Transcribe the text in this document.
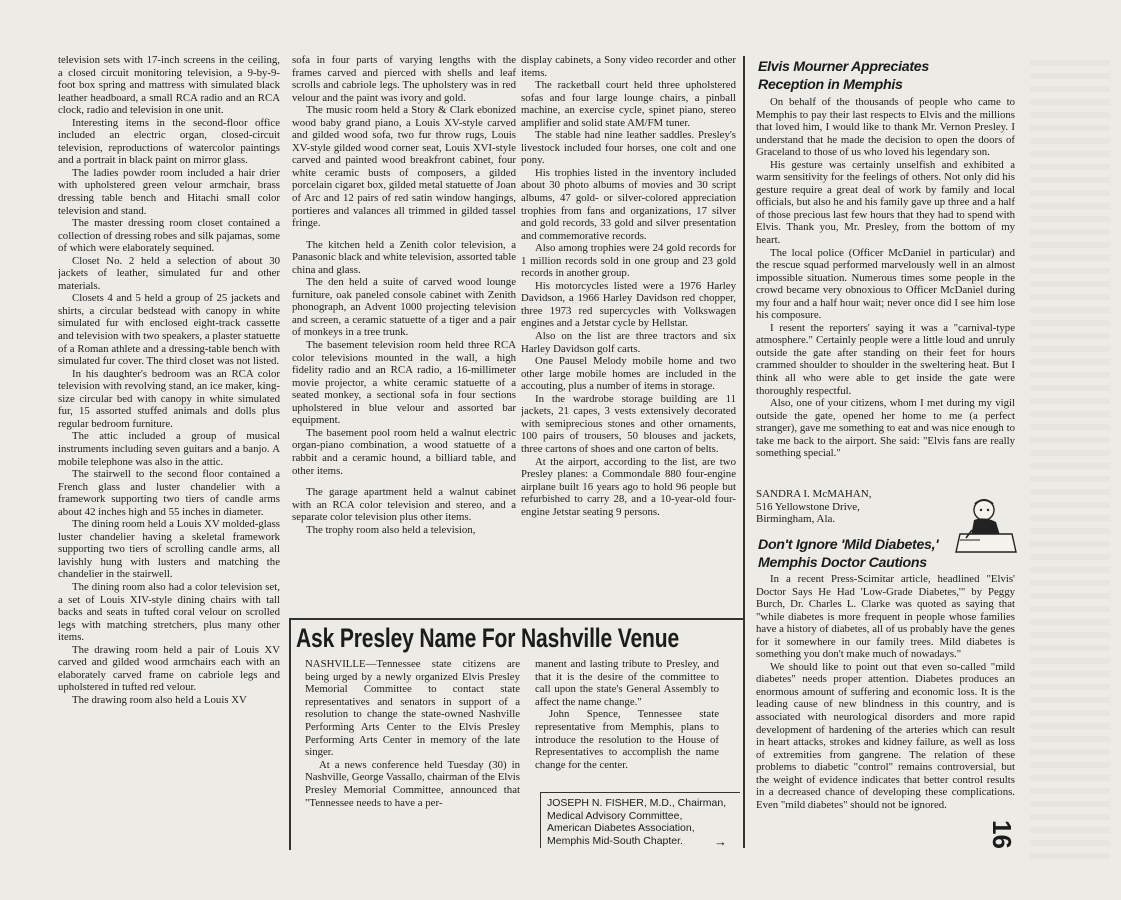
television sets with 17-inch screens in the ceiling, a closed circuit monitoring television, a 9-by-9-foot box spring and mattress with simulated black leather headboard, a small RCA radio and an RCA clock, radio and television in one unit.

Interesting items in the second-floor office included an electric organ, closed-circuit television, reproductions of watercolor paintings and a portrait in black paint on mirror glass.

The ladies powder room included a hair drier with upholstered green velour armchair, brass dressing table bench and Hitachi small color television and stand.

The master dressing room closet contained a collection of dressing robes and silk pajamas, some of which were elaborately sequined.

Closet No. 2 held a selection of about 30 jackets of leather, simulated fur and other materials.

Closets 4 and 5 held a group of 25 jackets and shirts, a circular bedstead with canopy in white simulated fur with enclosed eight-track cassette and television with two speakers, a plaster statuette of a Roman athlete and a dressing-table bench with simulated fur cover. The third closet was not listed.

In his daughter's bedroom was an RCA color television with revolving stand, an ice maker, king-size circular bed with canopy in white simulated fur, 15 assorted stuffed animals and dolls plus regular bedroom furniture.

The attic included a group of musical instruments including seven guitars and a banjo. A mobile telephone was also in the attic.

The stairwell to the second floor contained a French glass and luster chandelier with a framework supporting two tiers of candle arms about 42 inches high and 55 inches in diameter.

The dining room held a Louis XV molded-glass luster chandelier having a skeletal framework supporting two tiers of scrolling candle arms, all lavishly hung with lusters and matching the chandelier in the stairwell.

The dining room also had a color television set, a set of Louis XIV-style dining chairs with tall backs and seats in tufted coral velour on scrolled legs with matching stretchers, plus many other items.

The drawing room held a pair of Louis XV carved and gilded wood armchairs each with an elaborately carved frame on cabriole legs and upholstered in tufted red velour.

The drawing room also held a Louis XV

sofa in four parts of varying lengths with the frames carved and pierced with shells and leaf scrolls and cabriole legs. The upholstery was in red velour and the paint was ivory and gold.

The music room held a Story & Clark ebonized wood baby grand piano, a Louis XV-style carved and gilded wood sofa, two fur throw rugs, Louis XV-style gilded wood corner seat, Louis XVI-style carved and painted wood breakfront cabinet, four white ceramic busts of composers, a gilded porcelain cigaret box, gilded metal statuette of Joan of Arc and 12 pairs of red satin window hangings, portieres and valances all trimmed in gilded tassel fringe.

The kitchen held a Zenith color television, a Panasonic black and white television, assorted table china and glass.

The den held a suite of carved wood lounge furniture, oak paneled console cabinet with Zenith phonograph, an Advent 1000 projecting television and screen, a ceramic statuette of a tiger and a pair of monkeys in a tree trunk.

The basement television room held three RCA color televisions mounted in the wall, a high fidelity radio and an RCA radio, a 16-millimeter movie projector, a white ceramic statuette of a seated monkey, a sectional sofa in four sections upholstered in blue velour and assorted bar equipment.

The basement pool room held a walnut electric organ-piano combination, a wood statuette of a rabbit and a ceramic hound, a billiard table, and other items.

The garage apartment held a walnut cabinet with an RCA color television and stereo, and a separate color television plus other items.

The trophy room also held a television,

display cabinets, a Sony video recorder and other items.

The racketball court held three upholstered sofas and four large lounge chairs, a pinball machine, an exercise cycle, spinet piano, stereo amplifier and solid state AM/FM tuner.

The stable had nine leather saddles. Presley's livestock included four horses, one colt and one pony.

His trophies listed in the inventory included about 30 photo albums of movies and 30 script albums, 47 gold- or silver-colored appreciation trophies from fans and organizations, 17 silver and gold records, 33 gold and silver presentation and commemorative records.

Also among trophies were 24 gold records for 1 million records sold in one group and 23 gold records in another group.

His motorcycles listed were a 1976 Harley Davidson, a 1966 Harley Davidson red chopper, three 1973 red supercycles with Volkswagen engines and a Jetstar cycle by Hellstar.

Also on the list are three tractors and six Harley Davidson golf carts.

One Pausel Melody mobile home and two other large mobile homes are included in the accouting, plus a number of items in storage.

In the wardrobe storage building are 11 jackets, 21 capes, 3 vests extensively decorated with semiprecious stones and other ornaments, 100 pairs of trousers, 50 blouses and jackets, three cartons of shoes and one carton of belts.

At the airport, according to the list, are two Presley planes: a Commondale 880 four-engine airplane built 16 years ago to hold 96 people but refurbished to carry 28, and a 10-year-old four-engine Jetstar seating 9 persons.

Ask Presley Name For Nashville Venue

NASHVILLE—Tennessee state citizens are being urged by a newly organized Elvis Presley Memorial Committee to contact state representatives and senators in support of a resolution to change the state-owned Nashville Performing Arts Center to the Elvis Presley Performing Arts Center in memory of the late singer.

At a news conference held Tuesday (30) in Nashville, George Vassallo, chairman of the Elvis Presley Memorial Committee, announced that "Tennessee needs to have a per-

manent and lasting tribute to Presley, and that it is the desire of the committee to call upon the state's General Assembly to affect the name change."

John Spence, Tennessee state representative from Memphis, plans to introduce the resolution to the House of Representatives to accomplish the name change for the center.

JOSEPH N. FISHER, M.D., Chairman,
Medical Advisory Committee,
American Diabetes Association,
Memphis Mid-South Chapter.	→
Elvis Mourner Appreciates
Reception in Memphis

On behalf of the thousands of people who came to Memphis to pay their last respects to Elvis and the millions that loved him, I would like to thank Mr. Vernon Presley. I understand that he made the decision to open the doors of Graceland to those of us who loved his legendary son.

His gesture was certainly unselfish and exhibited a warm sensitivity for the feelings of others. Not only did his gesture require a great deal of work by family and local officials, but also he and his family gave up three and a half of those precious last few hours that they had to spend with Elvis. Thank you, Mr. Presley, from the bottom of my heart.

The local police (Officer McDaniel in particular) and the rescue squad performed marvelously well in an almost impossible situation. Numerous times some people in the crowd became very obnoxious to Officer McDaniel during my four and a half hour wait; never once did I see him lose his composure.

I resent the reporters' saying it was a "carnival-type atmosphere." Certainly people were a little loud and unruly outside the gate after standing on their feet for hours crammed shoulder to shoulder in the sweltering heat. But I think all who were able to get inside the gate were thoroughly respectful.

Also, one of your citizens, whom I met during my vigil outside the gate, opened her home to me (a perfect stranger), gave me something to eat and was nice enough to take me back to the airport. She said: "Elvis fans are really something special."

SANDRA I. McMAHAN,
516 Yellowstone Drive,
Birmingham, Ala.
Don't Ignore 'Mild Diabetes,'
Memphis Doctor Cautions

In a recent Press-Scimitar article, headlined "Elvis' Doctor Says He Had 'Low-Grade Diabetes,'" by Peggy Burch, Dr. Charles L. Clarke was quoted as saying that "while diabetes is more frequent in people whose families have a history of diabetes, all of us probably have the genes for it somewhere in our family trees. Mild diabetes is something you don't make much of nowadays."

We should like to point out that even so-called "mild diabetes" needs proper attention. Diabetes produces an enormous amount of suffering and economic loss. It is the leading cause of new blindness in this country, and is associated with neurological disorders and more rapid development of hardening of the arteries which can result in heart attacks, strokes and kidney failure, as well as loss of extremities from gangrene. The relation of these problems to diabetic "control" remains controversial, but the weight of evidence indicates that better control results in a decreased chance of developing these complications. Even "mild diabetes" should not be ignored.

16
